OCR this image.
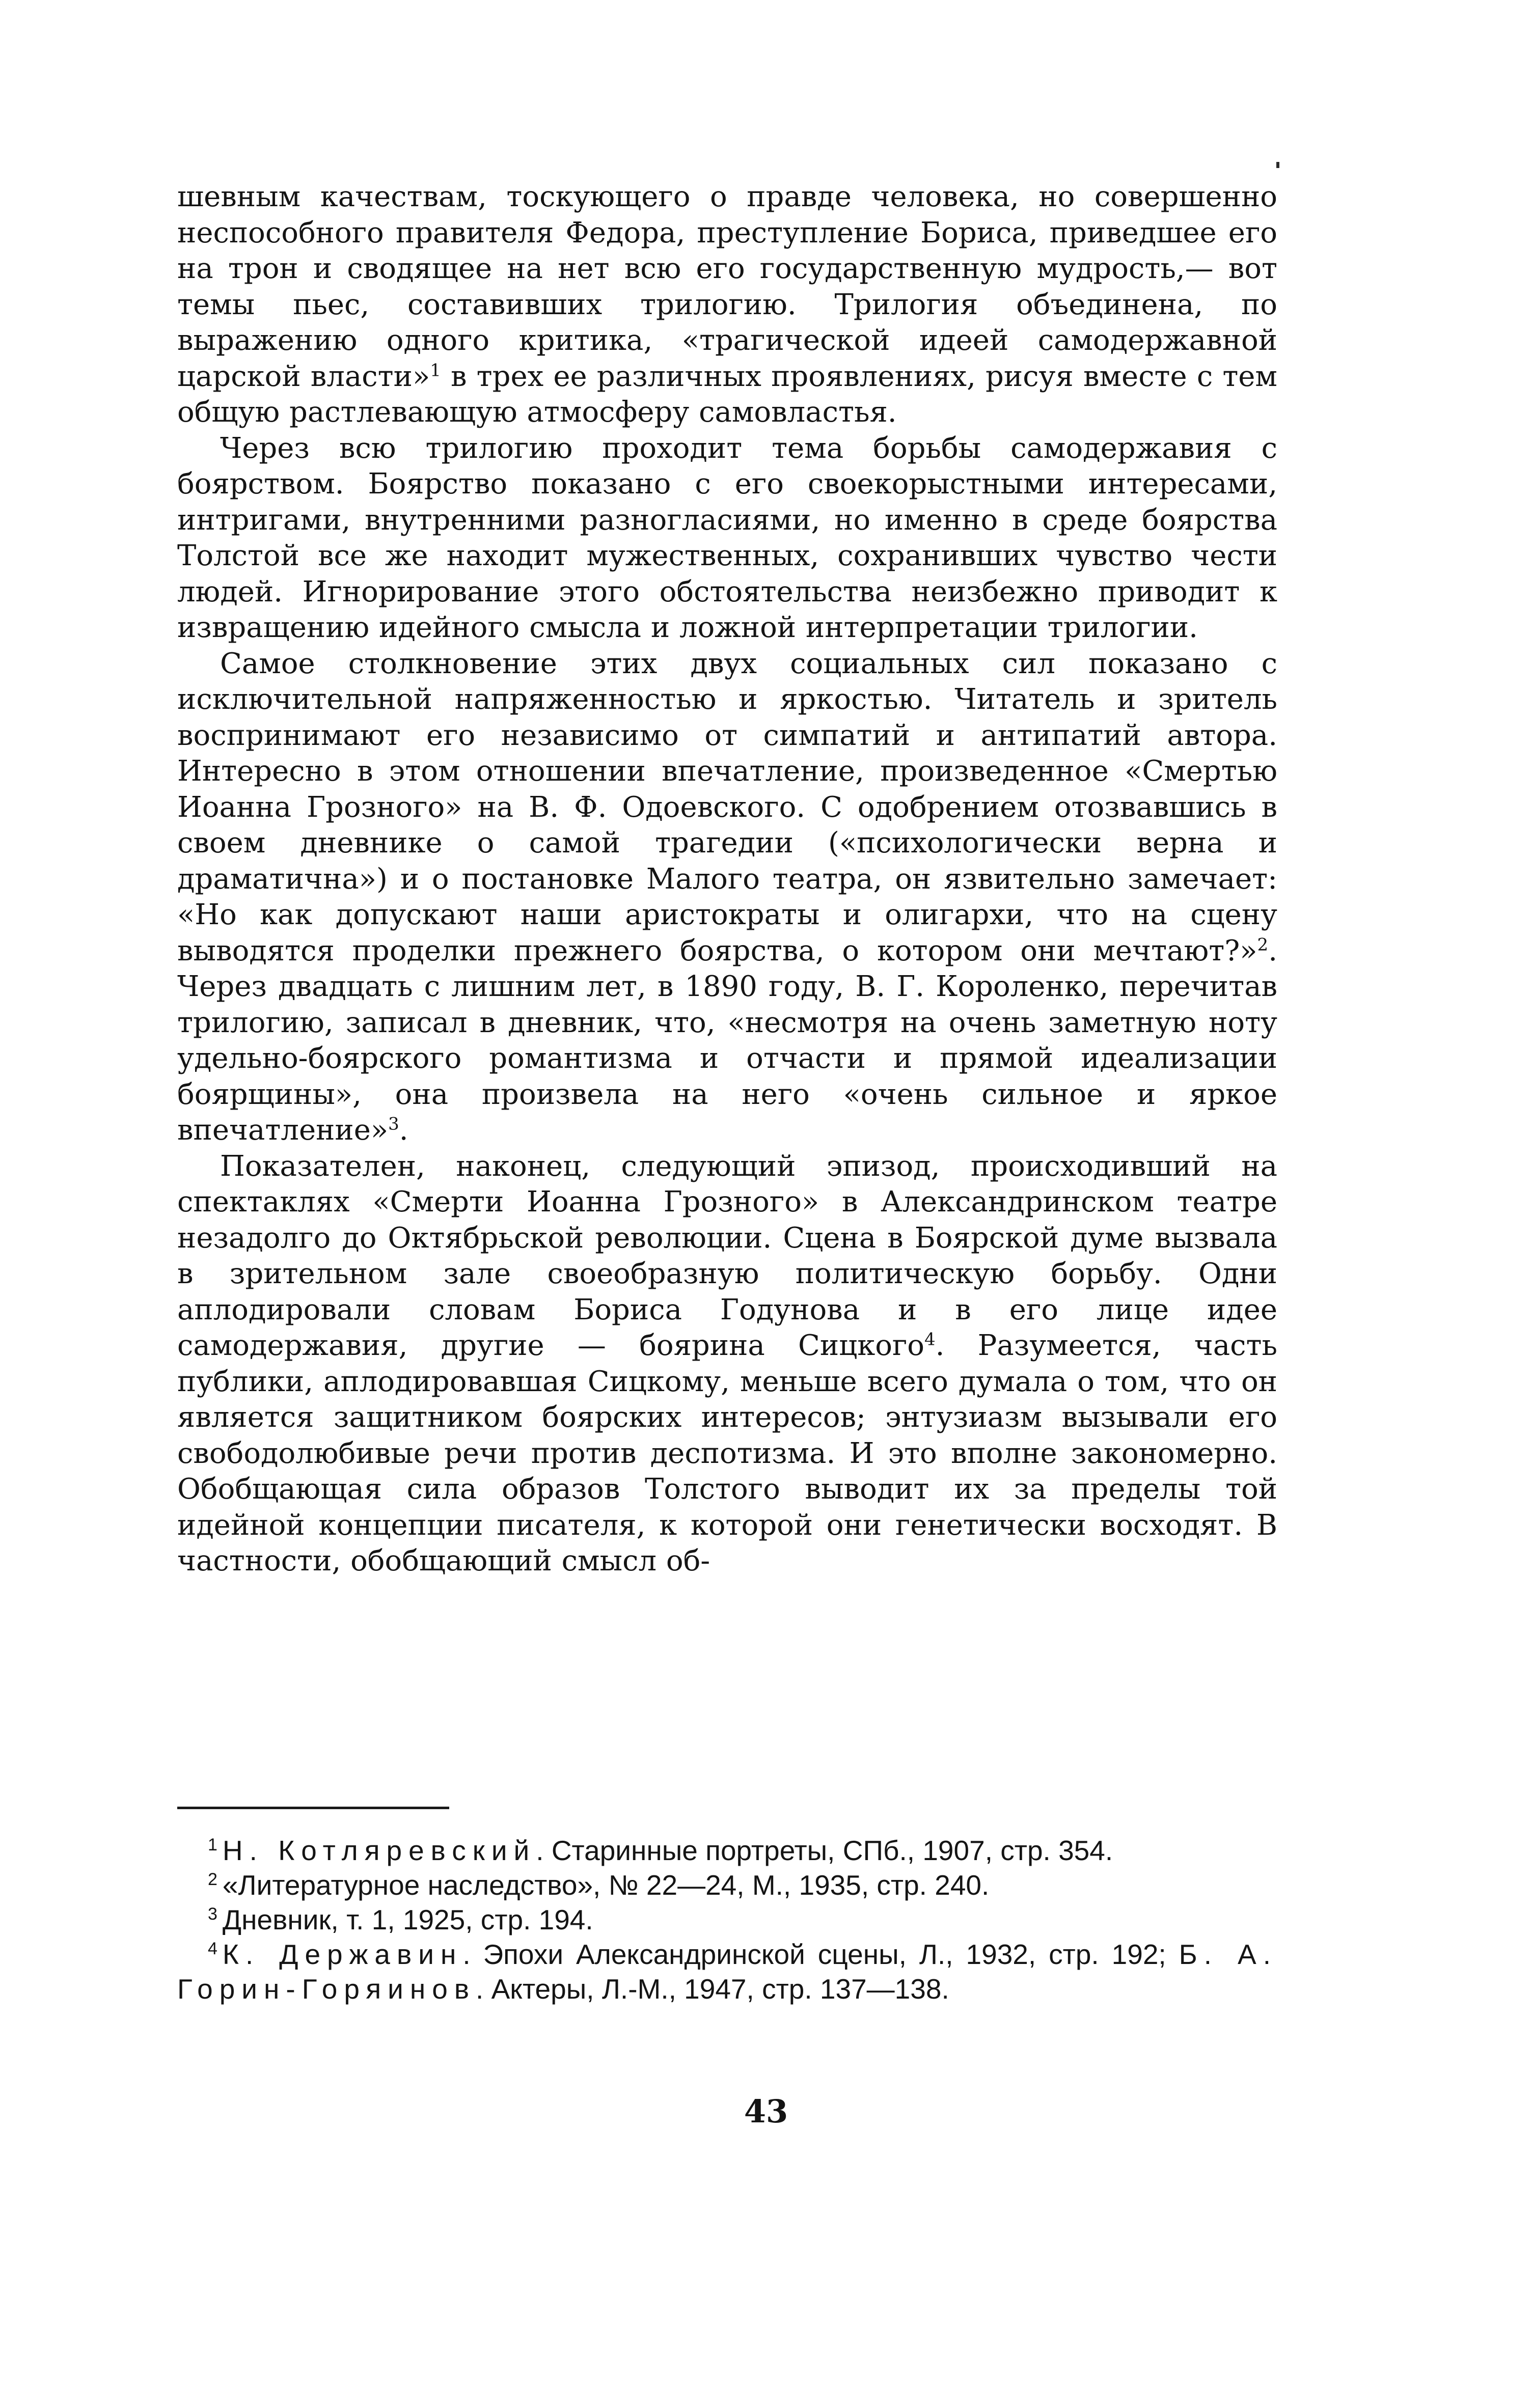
шевным качествам, тоскующего о правде человека, но совершенно неспособного правителя Федора, преступление Бориса, приведшее его на трон и сводящее на нет всю его государственную мудрость,— вот темы пьес, составивших трилогию. Трилогия объединена, по выражению одного критика, «трагической идеей самодержавной царской власти»$^1$ в трех ее различных проявлениях, рисуя вместе с тем общую растлевающую атмосферу самовластья.

Через всю трилогию проходит тема борьбы самодержавия с боярством. Боярство показано с его своекорыстными интересами, интригами, внутренними разногласиями, но именно в среде боярства Толстой все же находит мужественных, сохранивших чувство чести людей. Игнорирование этого обстоятельства неизбежно приводит к извращению идейного смысла и ложной интерпретации трилогии.

Самое столкновение этих двух социальных сил показано с исключительной напряженностью и яркостью. Читатель и зритель воспринимают его независимо от симпатий и антипатий автора. Интересно в этом отношении впечатление, произведенное «Смертью Иоанна Грозного» на В. Ф. Одоевского. С одобрением отозвавшись в своем дневнике о самой трагедии («психологически верна и драматична») и о постановке Малого театра, он язвительно замечает: «Но как допускают наши аристократы и олигархи, что на сцену выводятся проделки прежнего боярства, о котором они мечтают?»$^2$. Через двадцать с лишним лет, в 1890 году, В. Г. Короленко, перечитав трилогию, записал в дневник, что, «несмотря на очень заметную ноту удельно-боярского романтизма и отчасти и прямой идеализации боярщины», она произвела на него «очень сильное и яркое впечатление»$^3$.

Показателен, наконец, следующий эпизод, происходивший на спектаклях «Смерти Иоанна Грозного» в Александринском театре незадолго до Октябрьской революции. Сцена в Боярской думе вызвала в зрительном зале своеобразную политическую борьбу. Одни аплодировали словам Бориса Годунова и в его лице идее самодержавия, другие — боярина Сицкого$^4$. Разумеется, часть публики, аплодировавшая Сицкому, меньше всего думала о том, что он является защитником боярских интересов; энтузиазм вызывали его свободолюбивые речи против деспотизма. И это вполне закономерно. Обобщающая сила образов Толстого выводит их за пределы той идейной концепции писателя, к которой они генетически восходят. В частности, обобщающий смысл об-

$^1$ Н. Котляревский. Старинные портреты, СПб., 1907, стр. 354.

$^2$ «Литературное наследство», № 22—24, М., 1935, стр. 240.

$^3$ Дневник, т. 1, 1925, стр. 194.

$^4$ К. Державин. Эпохи Александринской сцены, Л., 1932, стр. 192; Б. А. Горин-Горяинов. Актеры, Л.-М., 1947, стр. 137—138.

43
